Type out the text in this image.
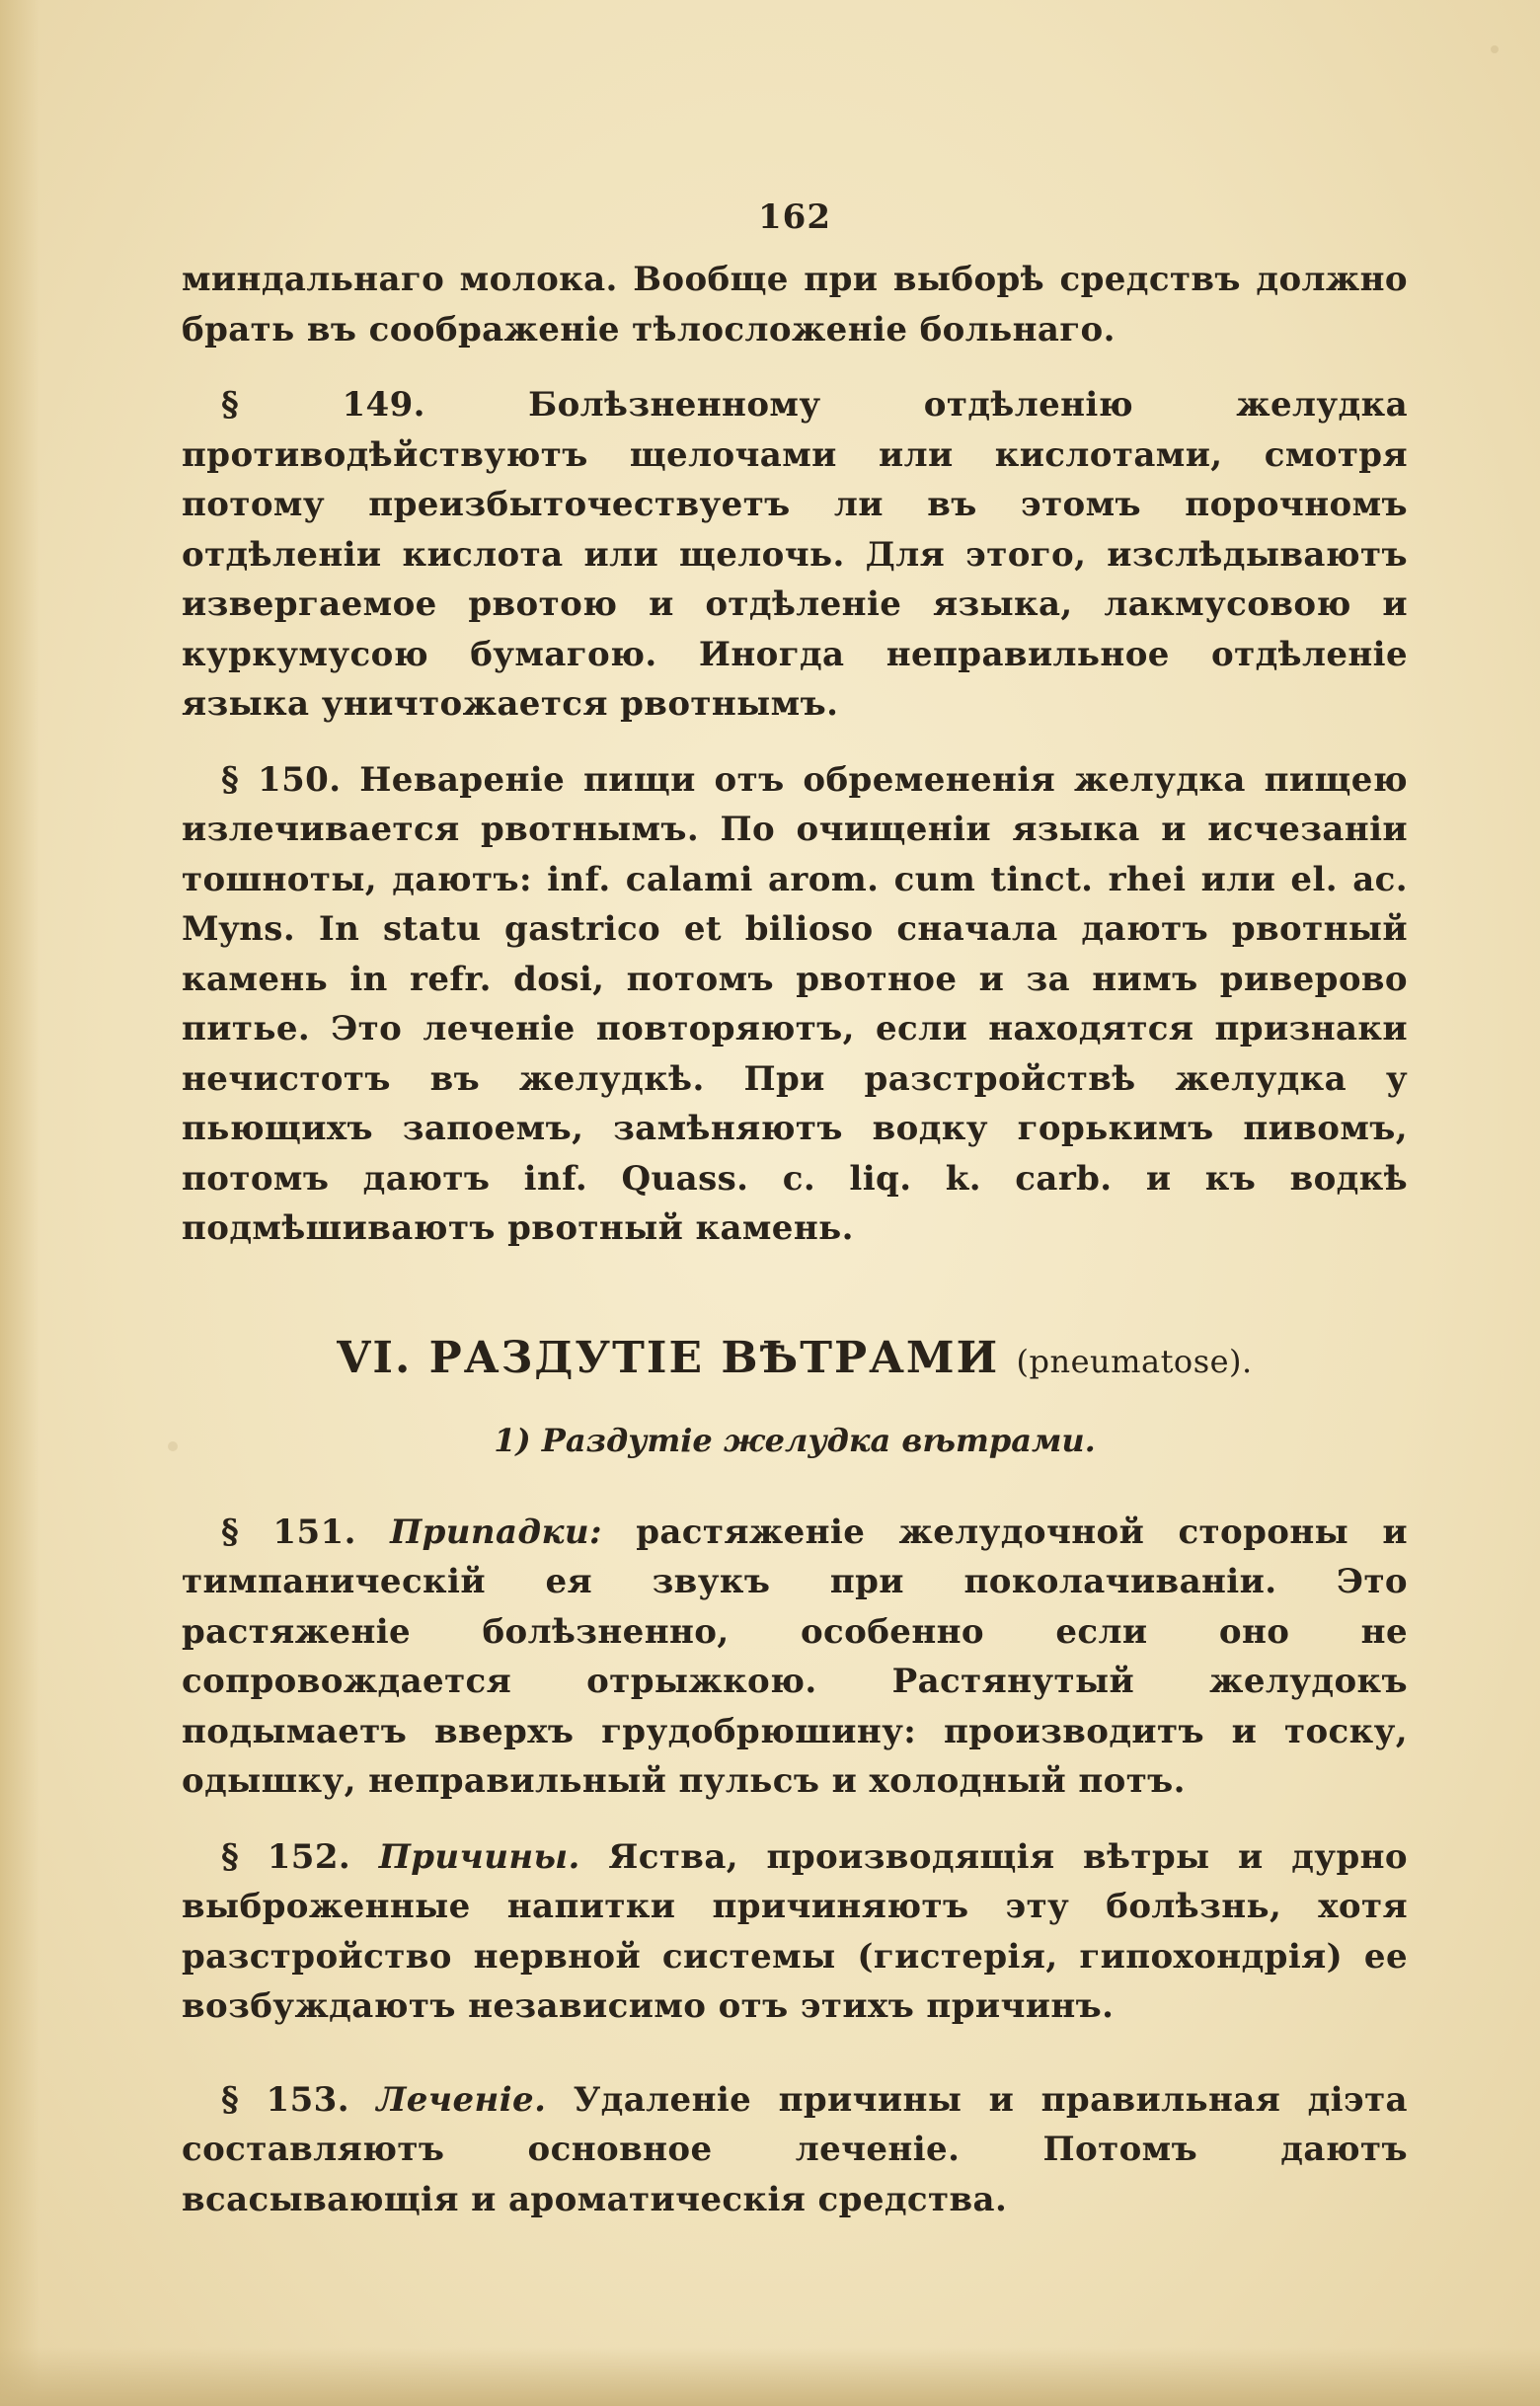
162

миндальнаго молока. Вообще при выборѣ средствъ должно брать въ соображенiе тѣлосложенiе больнаго.

§ 149. Болѣзненному отдѣленiю желудка противодѣйствуютъ щелочами или кислотами, смотря потому преизбыточествуетъ ли въ этомъ порочномъ отдѣленiи кислота или щелочь. Для этого, изслѣдываютъ извергаемое рвотою и отдѣленiе языка, лакмусовою и куркумусою бумагою. Иногда неправильное отдѣленiе языка уничтожается рвотнымъ.

§ 150. Неваренiе пищи отъ обремененiя желудка пищею излечивается рвотнымъ. По очищенiи языка и исчезанiи тошноты, даютъ: inf. calami arom. cum tinct. rhei или el. ac. Myns. In statu gastrico et bilioso сначала даютъ рвотный камень in refr. dosi, потомъ рвотное и за нимъ риверово питье. Это леченiе повторяютъ, если находятся признаки нечистотъ въ желудкѣ. При разстройствѣ желудка у пьющихъ запоемъ, замѣняютъ водку горькимъ пивомъ, потомъ даютъ inf. Quass. c. liq. k. carb. и къ водкѣ подмѣшиваютъ рвотный камень.

VI. РАЗДУТIЕ ВѢТРАМИ (pneumatose).
1) Раздутiе желудка вѣтрами.

§ 151. Припадки: растяженiе желудочной стороны и тимпаническiй ея звукъ при поколачиванiи. Это растяженiе болѣзненно, особенно если оно не сопровождается отрыжкою. Растянутый желудокъ подымаетъ вверхъ грудобрюшину: производитъ и тоску, одышку, неправильный пульсъ и холодный потъ.

§ 152. Причины. Яства, производящiя вѣтры и дурно выброженные напитки причиняютъ эту болѣзнь, хотя разстройство нервной системы (гистерiя, гипохондрiя) ее возбуждаютъ независимо отъ этихъ причинъ.

§ 153. Леченiе. Удаленiе причины и правильная дiэта составляютъ основное леченiе. Потомъ даютъ всасывающiя и ароматическiя средства.
